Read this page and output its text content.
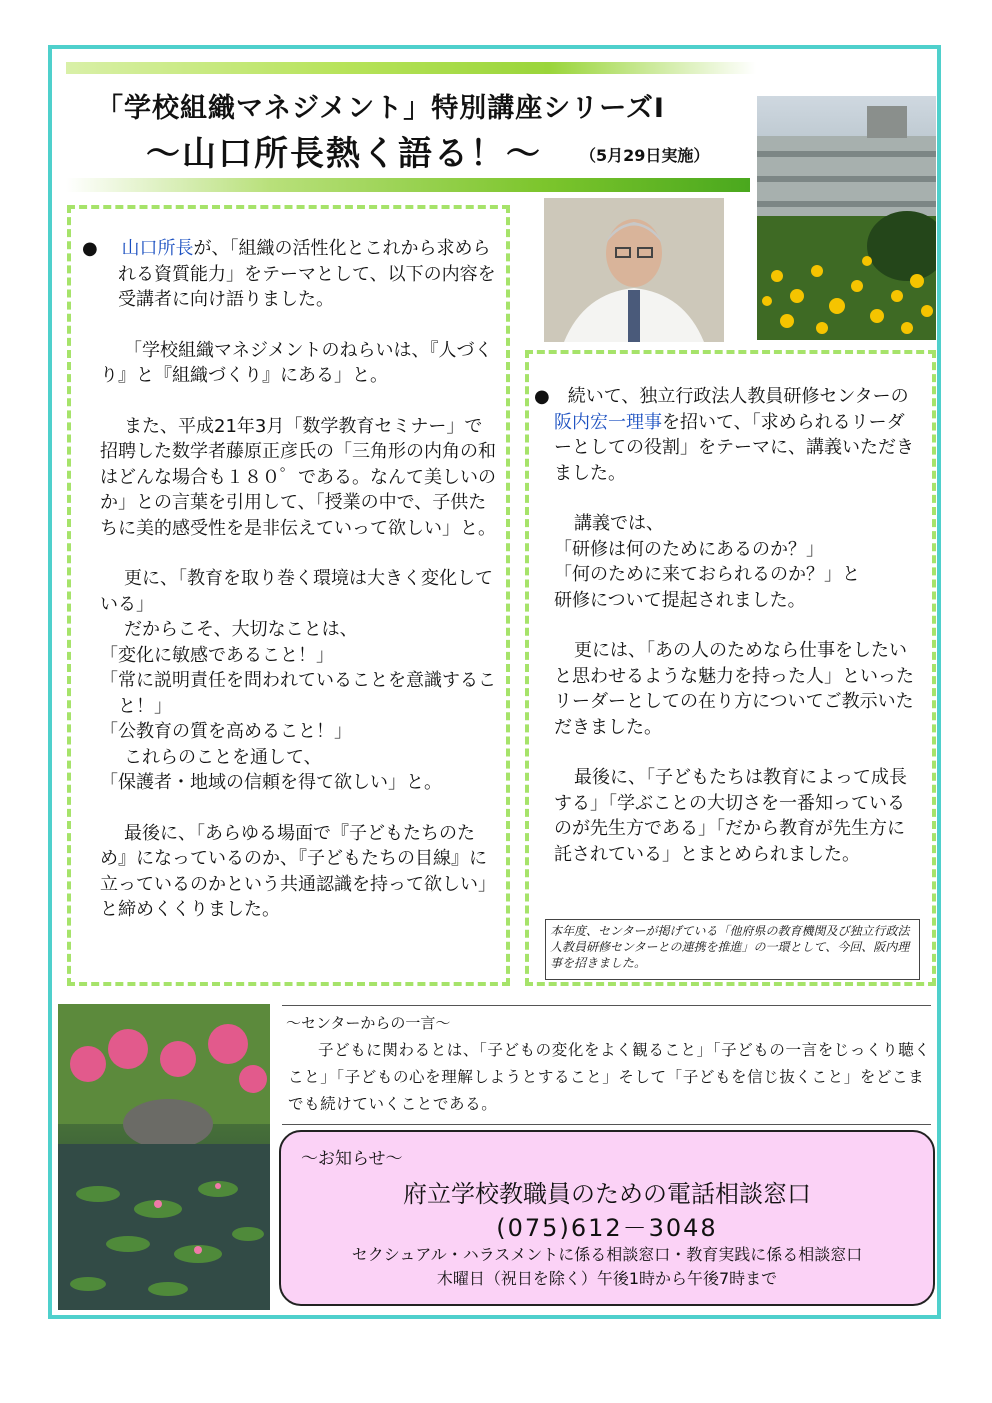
「学校組織マネジメント」特別講座シリーズⅠ
～山口所長熱く語る！～ （5月29日実施）

●　 山口所長が、「組織の活性化とこれから求められる資質能力」をテーマとして、以下の内容を受講者に向け語りました。

「学校組織マネジメントのねらいは、『人づくり』と『組織づくり』にある」と。

また、平成21年3月「数学教育セミナー」で招聘した数学者藤原正彦氏の「三角形の内角の和はどんな場合も１８０゜である。なんて美しいのか」との言葉を引用して、「授業の中で、子供たちに美的感受性を是非伝えていって欲しい」と。

更に、「教育を取り巻く環境は大きく変化している」

だからこそ、大切なことは、

「変化に敏感であること！」

「常に説明責任を問われていることを意識すること！」

「公教育の質を高めること！」

これらのことを通して、

「保護者・地域の信頼を得て欲しい」と。

最後に、「あらゆる場面で『子どもたちのため』になっているのか、『子どもたちの目線』に立っているのかという共通認識を持って欲しい」と締めくくりました。

●　 続いて、独立行政法人教員研修センターの阪内宏一理事を招いて、「求められるリーダーとしての役割」をテーマに、講義いただきました。

講義では、

「研修は何のためにあるのか？」

「何のために来ておられるのか？」と

研修について提起されました。

更には、「あの人のためなら仕事をしたいと思わせるような魅力を持った人」といったリーダーとしての在り方についてご教示いただきました。

最後に、「子どもたちは教育によって成長する」「学ぶことの大切さを一番知っているのが先生方である」「だから教育が先生方に託されている」とまとめられました。

本年度、センターが掲げている「他府県の教育機関及び独立行政法人教員研修センターとの連携を推進」の一環として、今回、阪内理事を招きました。
～センターからの一言～
子どもに関わるとは、「子どもの変化をよく観ること」「子どもの一言をじっくり聴くこと」「子どもの心を理解しようとすること」そして「子どもを信じ抜くこと」をどこまでも続けていくことである。
～お知らせ～
府立学校教職員のための電話相談窓口
(075)612－3048
セクシュアル・ハラスメントに係る相談窓口・教育実践に係る相談窓口
木曜日（祝日を除く）午後1時から午後7時まで
